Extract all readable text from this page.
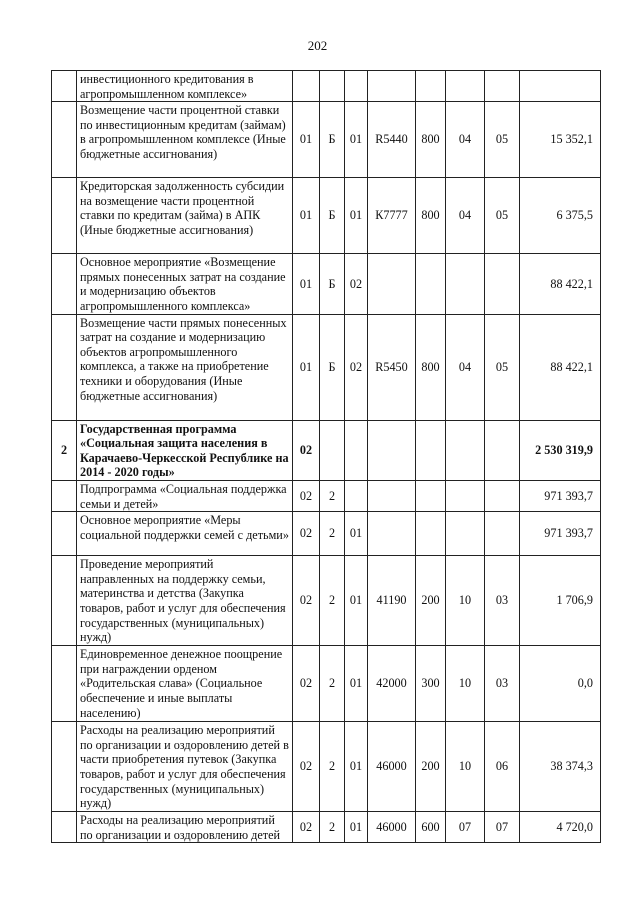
202
	инвестиционного кредитования в агропромышленном комплексе»								
	Возмещение части процентной ставки по инвестиционным кредитам (займам) в агропромышленном комплексе (Иные бюджетные ассигнования)	01	Б	01	R5440	800	04	05	15 352,1
	Кредиторская задолженность субсидии на возмещение части процентной ставки по кредитам (займа) в АПК (Иные бюджетные ассигнования)	01	Б	01	К7777	800	04	05	6 375,5
	Основное мероприятие «Возмещение прямых понесенных затрат на создание и модернизацию объектов агропромышленного комплекса»	01	Б	02					88 422,1
	Возмещение части прямых понесенных затрат на создание и модернизацию объектов агропромышленного комплекса, а также на приобретение техники и оборудования (Иные бюджетные ассигнования)	01	Б	02	R5450	800	04	05	88 422,1
2	Государственная программа «Социальная защита населения в Карачаево-Черкесской Республике на 2014 - 2020 годы»	02							2 530 319,9
	Подпрограмма «Социальная поддержка семьи и детей»	02	2						971 393,7
	Основное мероприятие «Меры социальной поддержки семей с детьми»	02	2	01					971 393,7
	Проведение мероприятий направленных на поддержку семьи, материнства и детства (Закупка товаров, работ и услуг для обеспечения государственных (муниципальных) нужд)	02	2	01	41190	200	10	03	1 706,9
	Единовременное денежное поощрение при награждении орденом «Родительская слава» (Социальное обеспечение и иные выплаты населению)	02	2	01	42000	300	10	03	0,0
	Расходы на реализацию мероприятий по организации и оздоровлению детей в части приобретения путевок (Закупка товаров, работ и услуг для обеспечения государственных (муниципальных) нужд)	02	2	01	46000	200	10	06	38 374,3
	Расходы на реализацию мероприятий по организации и оздоровлению детей	02	2	01	46000	600	07	07	4 720,0
